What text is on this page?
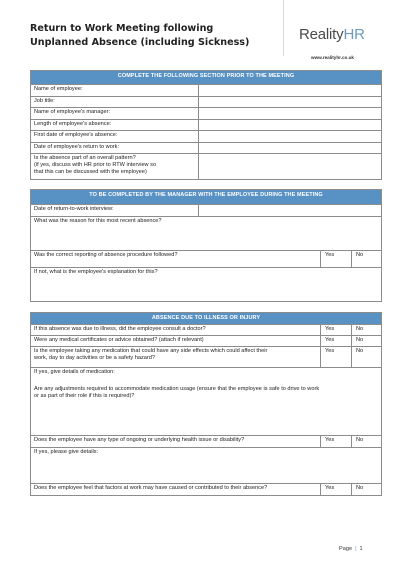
Return to Work Meeting following
Unplanned Absence (including Sickness)	RealityHR
www.realityhr.co.uk
COMPLETE THE FOLLOWING SECTION PRIOR TO THE MEETING	
Name of employee:	
Job title:	
Name of employee's manager:	
Length of employee's absence:	
First date of employee's absence:	
Date of employee's return to work:	

Is the absence part of an overall pattern?
(if yes, discuss with HR prior to RTW interview so
that this can be discussed with the employee)	

TO BE COMPLETED BY THE MANAGER WITH THE EMPLOYEE DURING THE MEETING			
Date of return-to-work interview:			
What was the reason for this most recent absence?			
Was the correct reporting of absence procedure followed?		Yes	No
If not, what is the employee's explanation for this?			
ABSENCE DUE TO ILLNESS OR INJURY		
If this absence was due to illness, did the employee consult a doctor?	Yes	No
Were any medical certificates or advice obtained? (attach if relevant)	Yes	No

Is the employee taking any medication that could have any side effects which could affect their
work, day to day activities or be a safety hazard?	Yes	No

If yes, give details of medication:
Are any adjustments required to accommodate medication usage (ensure that the employee is safe to drive to work
or as part of their role if this is required)?		

Does the employee have any type of ongoing or underlying health issue or disability?	Yes	No
If yes, please give details:		
Does the employee feel that factors at work may have caused or contributed to their absence?	Yes	No
Page | 1
